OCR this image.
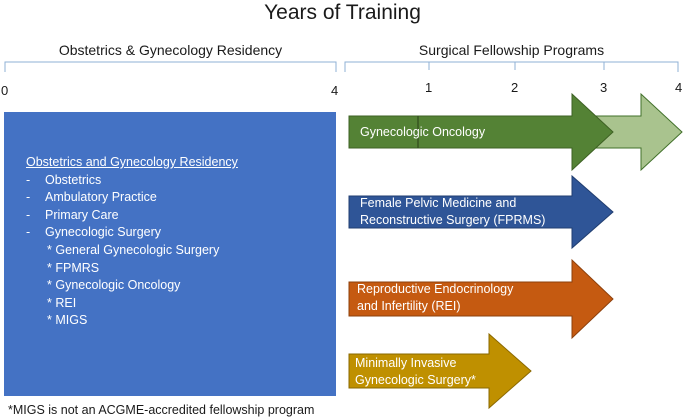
Years of Training
Obstetrics & Gynecology Residency	Surgical Fellowship Programs
0	4	1	2	3	4
Obstetrics and Gynecology Residency
- Obstetrics
- Ambulatory Practice
- Primary Care
- Gynecologic Surgery
* General Gynecologic Surgery
* FPMRS
* Gynecologic Oncology
* REI
* MIGS
Gynecologic Oncology
Female Pelvic Medicine and
Reconstructive Surgery (FPRMS)
Reproductive Endocrinology
and Infertility (REI)
Minimally Invasive
Gynecologic Surgery*
*MIGS is not an ACGME-accredited fellowship program
